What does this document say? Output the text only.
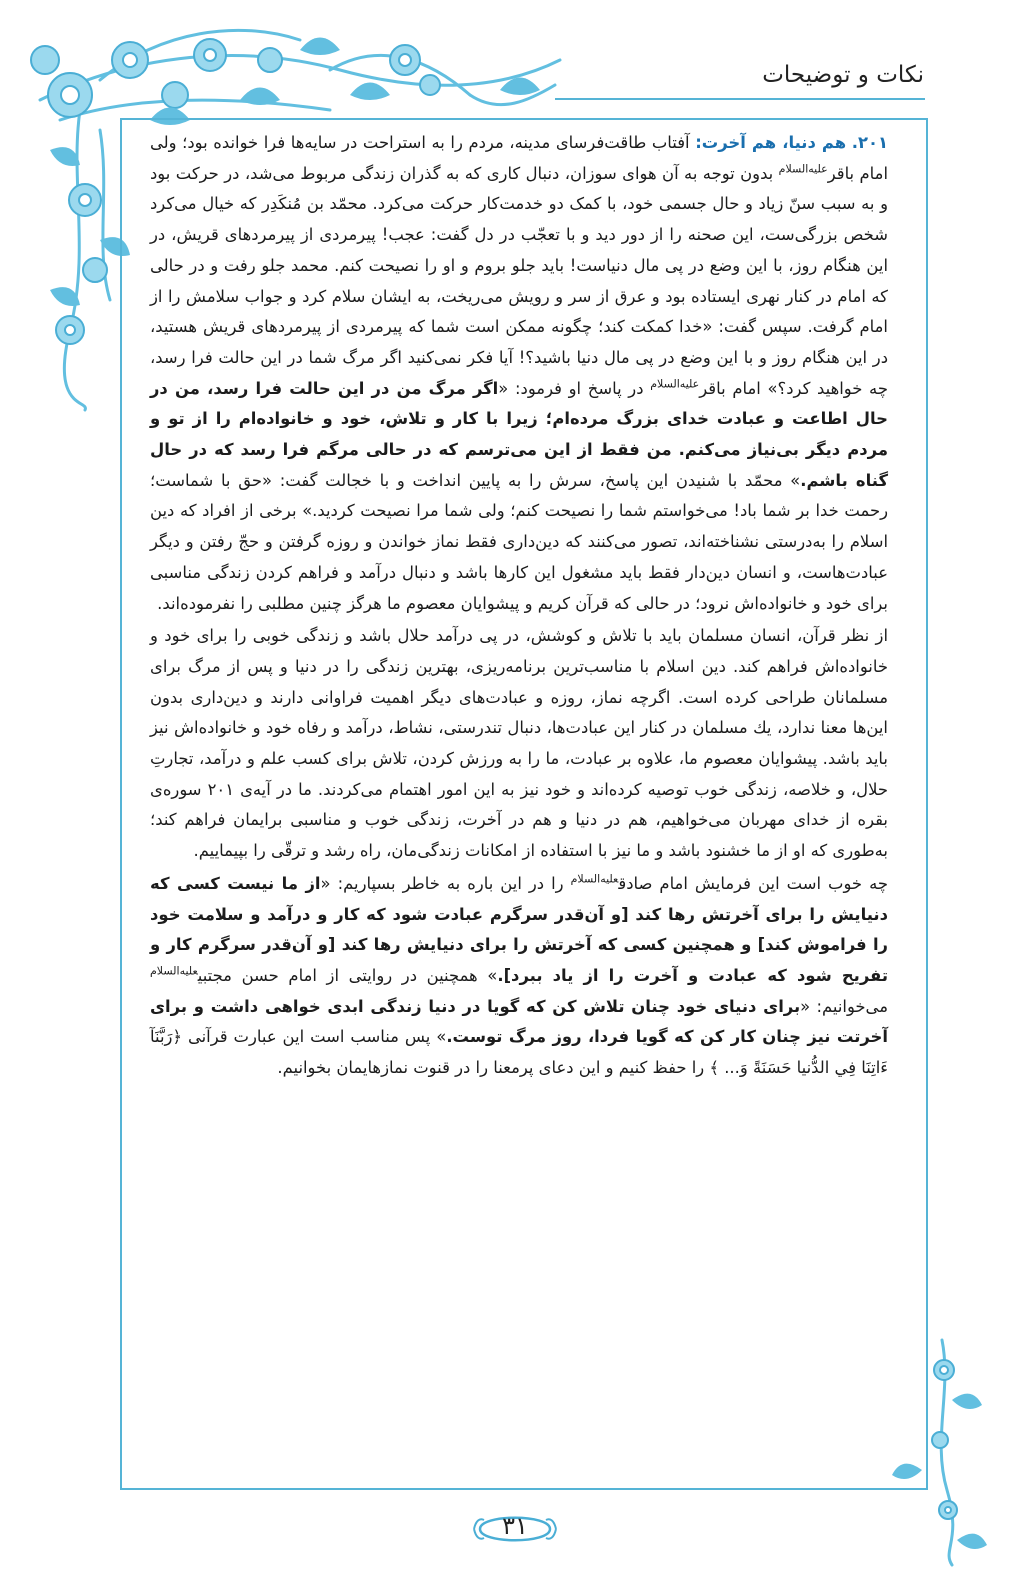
نکات و توضیحات

۲۰۱. هم دنیا، هم آخرت: آفتاب طاقت‌فرسای مدینه، مردم را به استراحت در سایه‌ها فرا خوانده بود؛ ولی امام باقر$^{علیه‌السلام}$ بدون توجه به آن هوای سوزان، دنبال کاری که به گذران زندگی مربوط می‌شد، در حرکت بود و به سبب سنّ زیاد و حال جسمی خود، با کمک دو خدمت‌کار حرکت می‌کرد. محمّد بن مُنکَدِر که خیال می‌کرد شخص بزرگی‌ست، این صحنه را از دور دید و با تعجّب در دل گفت: عجب! پیرمردی از پیرمردهای قریش، در این هنگام روز، با این وضع در پی مال دنیاست! باید جلو بروم و او را نصیحت کنم. محمد جلو رفت و در حالی که امام در کنار نهری ایستاده بود و عرق از سر و رویش می‌ریخت، به ایشان سلام کرد و جواب سلامش را از امام گرفت. سپس گفت: «خدا کمکت کند؛ چگونه ممکن است شما که پیرمردی از پیرمردهای قریش هستید، در این هنگام روز و با این وضع در پی مال دنیا باشید؟! آیا فکر نمی‌کنید اگر مرگ شما در این حالت فرا رسد، چه خواهید کرد؟» امام باقر$^{علیه‌السلام}$ در پاسخ او فرمود: «اگر مرگ من در این حالت فرا رسد، من در حال اطاعت و عبادت خدای بزرگ مرده‌ام؛ زیرا با کار و تلاش، خود و خانواده‌ام را از تو و مردم دیگر بی‌نیاز می‌کنم. من فقط از این می‌ترسم که در حالی مرگم فرا رسد که در حال گناه باشم.» محمّد با شنیدن این پاسخ، سرش را به پایین انداخت و با خجالت گفت: «حق با شماست؛ رحمت خدا بر شما باد! می‌خواستم شما را نصیحت کنم؛ ولی شما مرا نصیحت کردید.» برخی از افراد که دین اسلام را به‌درستی نشناخته‌اند، تصور می‌کنند که دین‌داری فقط نماز خواندن و روزه گرفتن و حجّ رفتن و دیگر عبادت‌هاست، و انسان دین‌دار فقط باید مشغول این کارها باشد و دنبال درآمد و فراهم کردن زندگی مناسبی برای خود و خانواده‌اش نرود؛ در حالی که قرآن کریم و پیشوایان معصوم ما هرگز چنین مطلبی را نفرموده‌اند.

از نظر قرآن، انسان مسلمان باید با تلاش و کوشش، در پی درآمد حلال باشد و زندگی خوبی را برای خود و خانواده‌اش فراهم کند. دین اسلام با مناسب‌ترین برنامه‌ریزی، بهترین زندگی را در دنیا و پس از مرگ برای مسلمانان طراحی کرده است. اگرچه نماز، روزه و عبادت‌های دیگر اهمیت فراوانی دارند و دین‌داری بدون این‌ها معنا ندارد، یك مسلمان در کنار این عبادت‌ها، دنبال تندرستی، نشاط، درآمد و رفاه خود و خانواده‌اش نیز باید باشد. پیشوایان معصوم ما، علاوه بر عبادت، ما را به ورزش کردن، تلاش برای کسب علم و درآمد، تجارتِ حلال، و خلاصه، زندگی خوب توصیه کرده‌اند و خود نیز به این امور اهتمام می‌کردند. ما در آیه‌ی ۲۰۱ سوره‌ی بقره از خدای مهربان می‌خواهیم، هم در دنیا و هم در آخرت، زندگی خوب و مناسبی برایمان فراهم کند؛ به‌طوری که او از ما خشنود باشد و ما نیز با استفاده از امکانات زندگی‌مان، راه رشد و ترقّی را بپیماییم.

چه خوب است این فرمایش امام صادق$^{علیه‌السلام}$ را در این باره به خاطر بسپاریم: «از ما نیست کسی که دنیایش را برای آخرتش رها کند [و آن‌قدر سرگرم عبادت شود که کار و درآمد و سلامت خود را فراموش کند] و همچنین کسی که آخرتش را برای دنیایش رها کند [و آن‌قدر سرگرم کار و تفریح شود که عبادت و آخرت را از یاد ببرد].» همچنین در روایتی از امام حسن مجتبی$^{علیه‌السلام}$ می‌خوانیم: «برای دنیای خود چنان تلاش کن که گویا در دنیا زندگی ابدی خواهی داشت و برای آخرتت نیز چنان کار کن که گویا فردا، روز مرگ توست.» پس مناسب است این عبارت قرآنی ﴿رَبَّنَآ ءَاتِنَا فِي الدُّنيا حَسَنَةً وَ... ﴾ را حفظ کنیم و این دعای پرمعنا را در قنوت نمازهایمان بخوانیم.

۳۱
